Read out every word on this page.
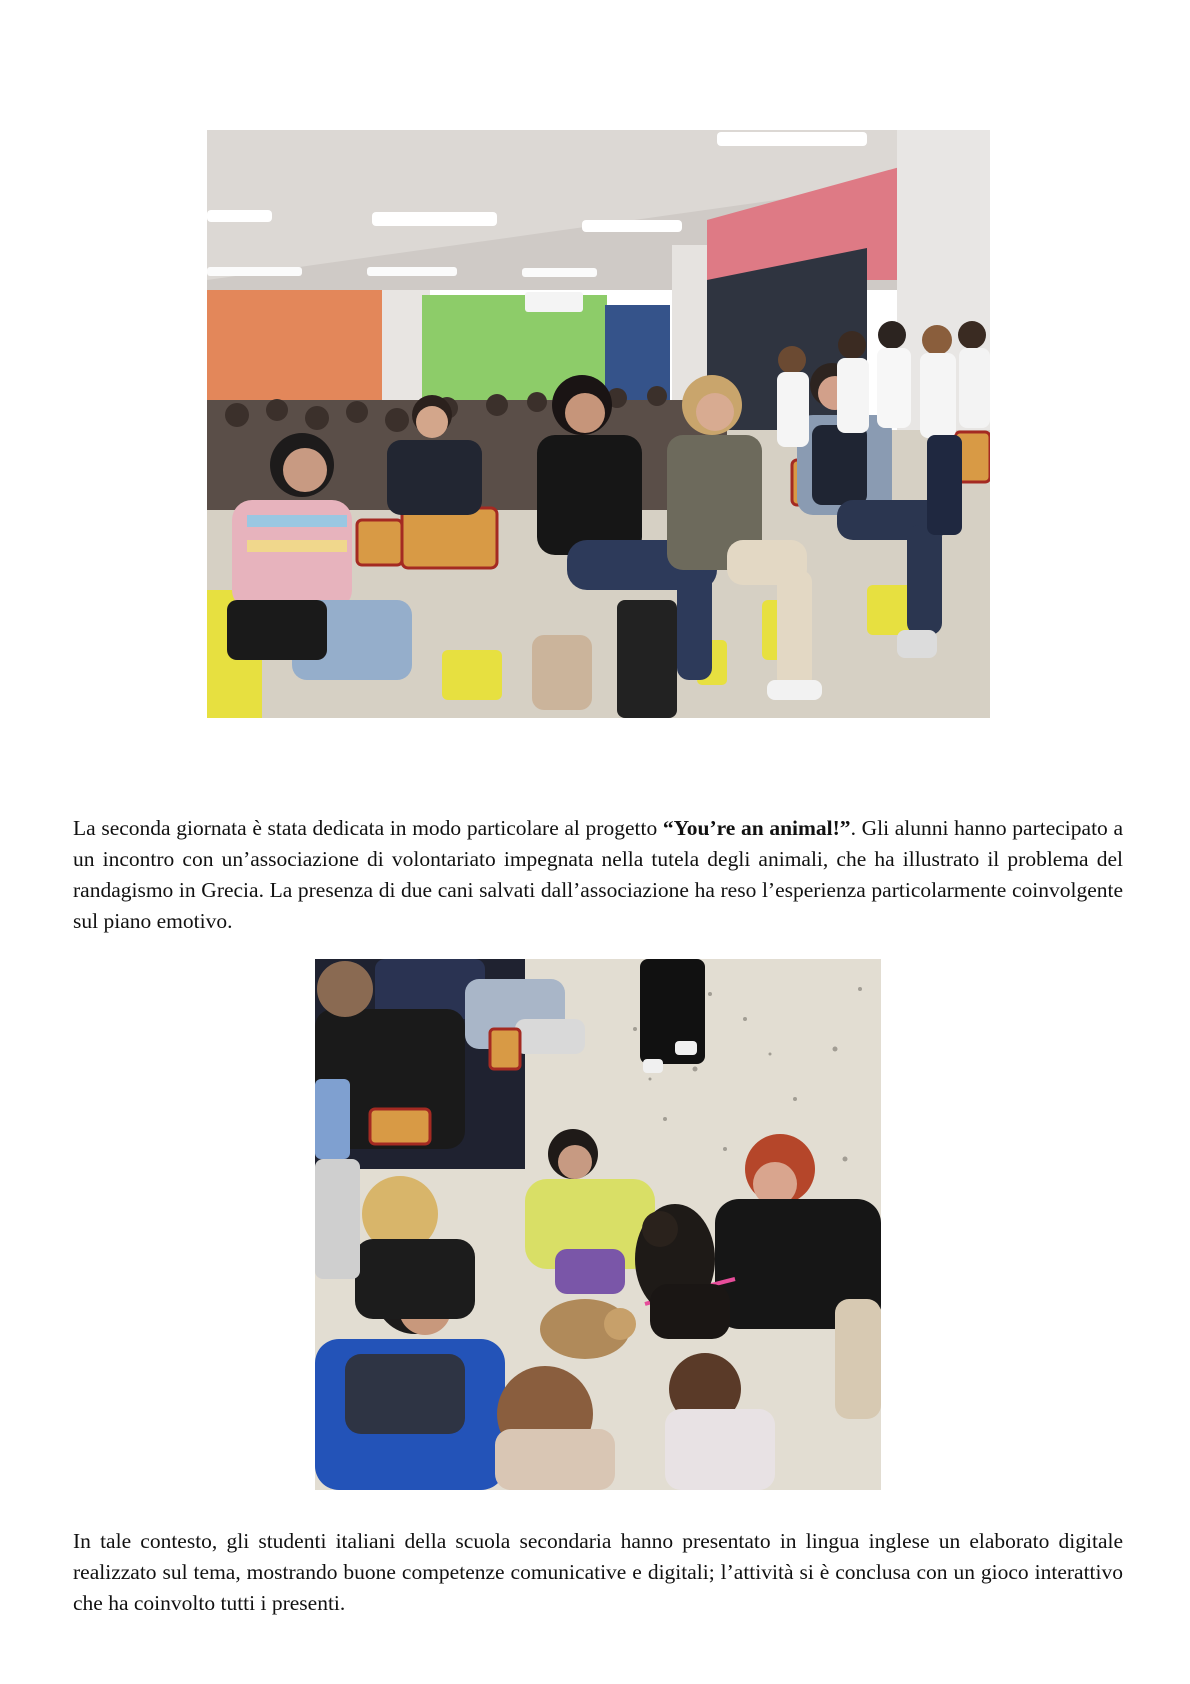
La seconda giornata è stata dedicata in modo particolare al progetto “You’re an animal!”. Gli alunni hanno partecipato a un incontro con un’associazione di volontariato impegnata nella tutela degli animali, che ha illustrato il problema del randagismo in Grecia. La presenza di due cani salvati dall’associazione ha reso l’esperienza particolarmente coinvolgente sul piano emotivo.

In tale contesto, gli studenti italiani della scuola secondaria hanno presentato in lingua inglese un elaborato digitale realizzato sul tema, mostrando buone competenze comunicative e digitali; l’attività si è conclusa con un gioco interattivo che ha coinvolto tutti i presenti.
